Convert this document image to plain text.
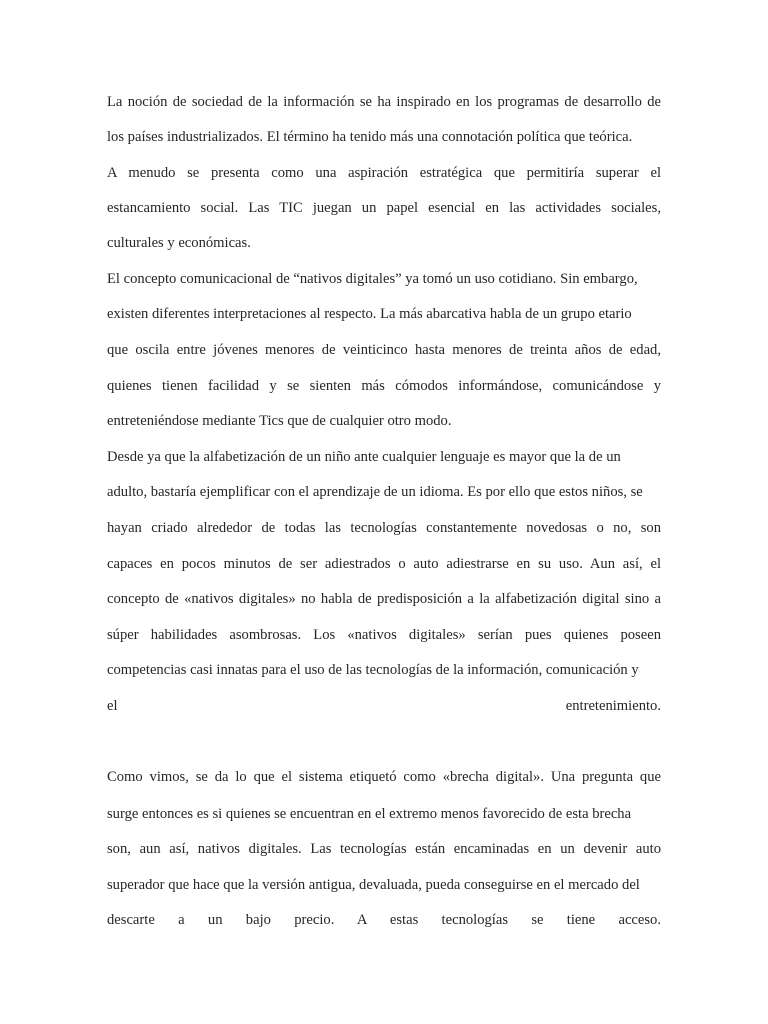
La noción de sociedad de la información se ha inspirado en los programas de desarrollo de
los países industrializados. El término ha tenido más una connotación política que teórica.
A menudo se presenta como una aspiración estratégica que permitiría superar el
estancamiento social. Las TIC juegan un papel esencial en las actividades sociales,
culturales y económicas.
El concepto comunicacional de “nativos digitales” ya tomó un uso cotidiano. Sin embargo,
existen diferentes interpretaciones al respecto. La más abarcativa habla de un grupo etario
que oscila entre jóvenes menores de veinticinco hasta menores de treinta años de edad,
quienes tienen facilidad y se sienten más cómodos informándose, comunicándose y
entreteniéndose mediante Tics que de cualquier otro modo.
Desde ya que la alfabetización de un niño ante cualquier lenguaje es mayor que la de un
adulto, bastaría ejemplificar con el aprendizaje de un idioma. Es por ello que estos niños, se
hayan criado alrededor de todas las tecnologías constantemente novedosas o no, son
capaces en pocos minutos de ser adiestrados o auto adiestrarse en su uso. Aun así, el
concepto de «nativos digitales» no habla de predisposición a la alfabetización digital sino a
súper habilidades asombrosas. Los «nativos digitales» serían pues quienes poseen
competencias casi innatas para el uso de las tecnologías de la información, comunicación y
el entretenimiento.
Como vimos, se da lo que el sistema etiquetó como «brecha digital». Una pregunta que
surge entonces es si quienes se encuentran en el extremo menos favorecido de esta brecha
son, aun así, nativos digitales. Las tecnologías están encaminadas en un devenir auto
superador que hace que la versión antigua, devaluada, pueda conseguirse en el mercado del
descarte a un bajo precio. A estas tecnologías se tiene acceso.
